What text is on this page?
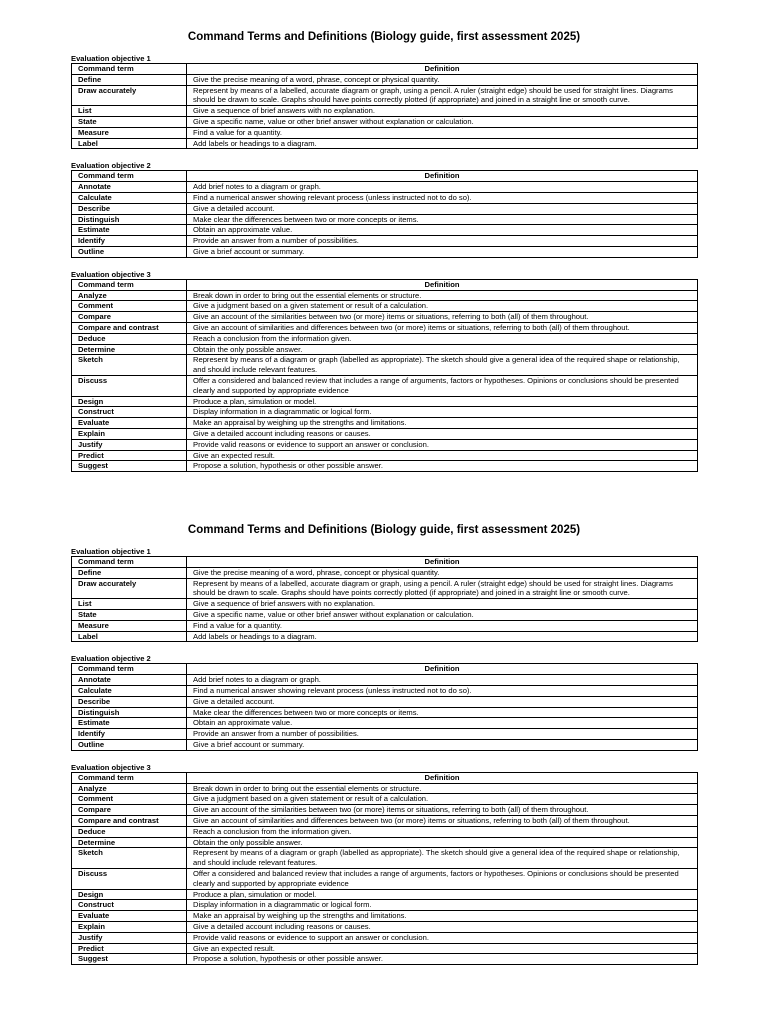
Command Terms and Definitions (Biology guide, first assessment 2025)
Evaluation objective 1
Command term	Definition
Define	Give the precise meaning of a word, phrase, concept or physical quantity.
Draw accurately	Represent by means of a labelled, accurate diagram or graph, using a pencil. A ruler (straight edge) should be used for straight lines. Diagrams should be drawn to scale. Graphs should have points correctly plotted (if appropriate) and joined in a straight line or smooth curve.
List	Give a sequence of brief answers with no explanation.
State	Give a specific name, value or other brief answer without explanation or calculation.
Measure	Find a value for a quantity.
Label	Add labels or headings to a diagram.
Evaluation objective 2
Command term	Definition
Annotate	Add brief notes to a diagram or graph.
Calculate	Find a numerical answer showing relevant process (unless instructed not to do so).
Describe	Give a detailed account.
Distinguish	Make clear the differences between two or more concepts or items.
Estimate	Obtain an approximate value.
Identify	Provide an answer from a number of possibilities.
Outline	Give a brief account or summary.
Evaluation objective 3
Command term	Definition
Analyze	Break down in order to bring out the essential elements or structure.
Comment	Give a judgment based on a given statement or result of a calculation.
Compare	Give an account of the similarities between two (or more) items or situations, referring to both (all) of them throughout.
Compare and contrast	Give an account of similarities and differences between two (or more) items or situations, referring to both (all) of them throughout.
Deduce	Reach a conclusion from the information given.
Determine	Obtain the only possible answer.
Sketch	Represent by means of a diagram or graph (labelled as appropriate). The sketch should give a general idea of the required shape or relationship, and should include relevant features.
Discuss	Offer a considered and balanced review that includes a range of arguments, factors or hypotheses. Opinions or conclusions should be presented clearly and supported by appropriate evidence
Design	Produce a plan, simulation or model.
Construct	Display information in a diagrammatic or logical form.
Evaluate	Make an appraisal by weighing up the strengths and limitations.
Explain	Give a detailed account including reasons or causes.
Justify	Provide valid reasons or evidence to support an answer or conclusion.
Predict	Give an expected result.
Suggest	Propose a solution, hypothesis or other possible answer.
Command Terms and Definitions (Biology guide, first assessment 2025)
Evaluation objective 1
Command term	Definition
Define	Give the precise meaning of a word, phrase, concept or physical quantity.
Draw accurately	Represent by means of a labelled, accurate diagram or graph, using a pencil. A ruler (straight edge) should be used for straight lines. Diagrams should be drawn to scale. Graphs should have points correctly plotted (if appropriate) and joined in a straight line or smooth curve.
List	Give a sequence of brief answers with no explanation.
State	Give a specific name, value or other brief answer without explanation or calculation.
Measure	Find a value for a quantity.
Label	Add labels or headings to a diagram.
Evaluation objective 2
Command term	Definition
Annotate	Add brief notes to a diagram or graph.
Calculate	Find a numerical answer showing relevant process (unless instructed not to do so).
Describe	Give a detailed account.
Distinguish	Make clear the differences between two or more concepts or items.
Estimate	Obtain an approximate value.
Identify	Provide an answer from a number of possibilities.
Outline	Give a brief account or summary.
Evaluation objective 3
Command term	Definition
Analyze	Break down in order to bring out the essential elements or structure.
Comment	Give a judgment based on a given statement or result of a calculation.
Compare	Give an account of the similarities between two (or more) items or situations, referring to both (all) of them throughout.
Compare and contrast	Give an account of similarities and differences between two (or more) items or situations, referring to both (all) of them throughout.
Deduce	Reach a conclusion from the information given.
Determine	Obtain the only possible answer.
Sketch	Represent by means of a diagram or graph (labelled as appropriate). The sketch should give a general idea of the required shape or relationship, and should include relevant features.
Discuss	Offer a considered and balanced review that includes a range of arguments, factors or hypotheses. Opinions or conclusions should be presented clearly and supported by appropriate evidence
Design	Produce a plan, simulation or model.
Construct	Display information in a diagrammatic or logical form.
Evaluate	Make an appraisal by weighing up the strengths and limitations.
Explain	Give a detailed account including reasons or causes.
Justify	Provide valid reasons or evidence to support an answer or conclusion.
Predict	Give an expected result.
Suggest	Propose a solution, hypothesis or other possible answer.
